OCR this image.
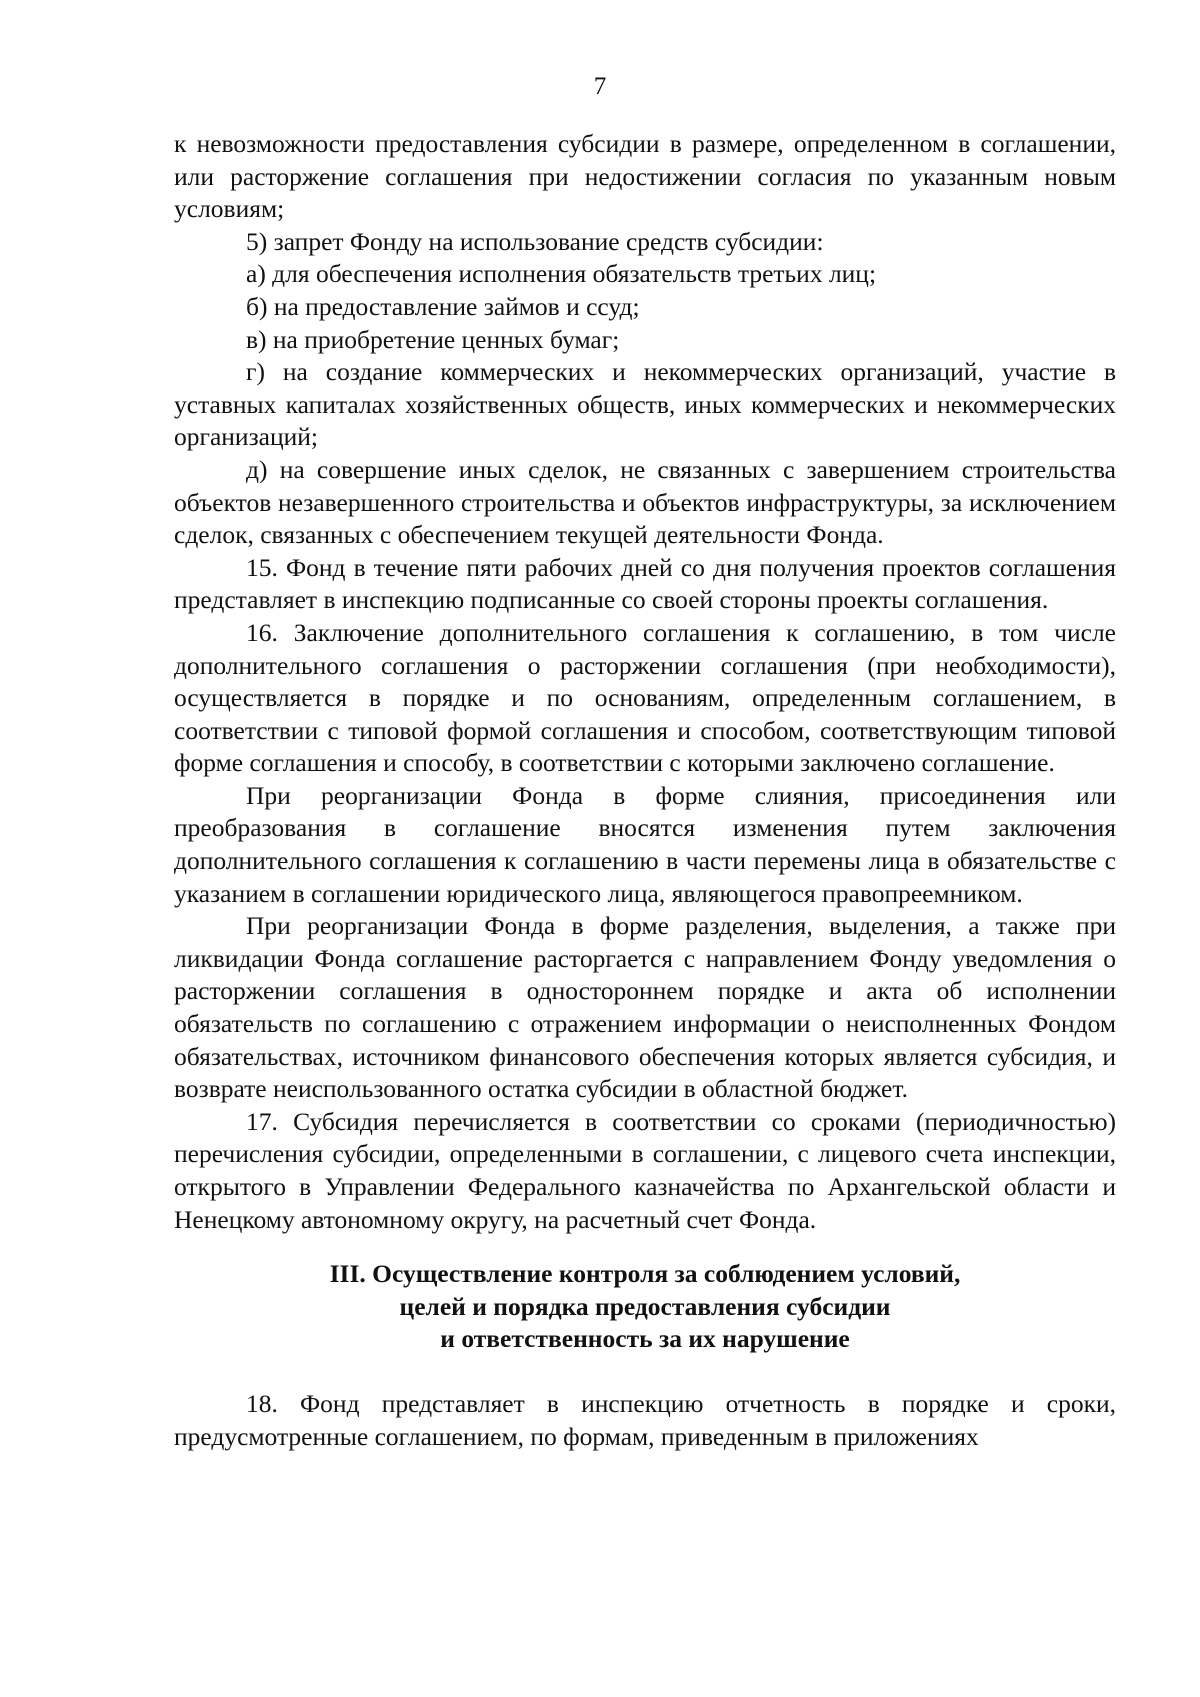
7

к невозможности предоставления субсидии в размере, определенном в соглашении, или расторжение соглашения при недостижении согласия по указанным новым условиям;

5) запрет Фонду на использование средств субсидии:

а) для обеспечения исполнения обязательств третьих лиц;

б) на предоставление займов и ссуд;

в) на приобретение ценных бумаг;

г) на создание коммерческих и некоммерческих организаций, участие в уставных капиталах хозяйственных обществ, иных коммерческих и некоммерческих организаций;

д) на совершение иных сделок, не связанных с завершением строительства объектов незавершенного строительства и объектов инфраструктуры, за исключением сделок, связанных с обеспечением текущей деятельности Фонда.

15. Фонд в течение пяти рабочих дней со дня получения проектов соглашения представляет в инспекцию подписанные со своей стороны проекты соглашения.

16. Заключение дополнительного соглашения к соглашению, в том числе дополнительного соглашения о расторжении соглашения (при необходимости), осуществляется в порядке и по основаниям, определенным соглашением, в соответствии с типовой формой соглашения и способом, соответствующим типовой форме соглашения и способу, в соответствии с которыми заключено соглашение.

При реорганизации Фонда в форме слияния, присоединения или преобразования в соглашение вносятся изменения путем заключения дополнительного соглашения к соглашению в части перемены лица в обязательстве с указанием в соглашении юридического лица, являющегося правопреемником.

При реорганизации Фонда в форме разделения, выделения, а также при ликвидации Фонда соглашение расторгается с направлением Фонду уведомления о расторжении соглашения в одностороннем порядке и акта об исполнении обязательств по соглашению с отражением информации о неисполненных Фондом обязательствах, источником финансового обеспечения которых является субсидия, и возврате неиспользованного остатка субсидии в областной бюджет.

17. Субсидия перечисляется в соответствии со сроками (периодичностью) перечисления субсидии, определенными в соглашении, с лицевого счета инспекции, открытого в Управлении Федерального казначейства по Архангельской области и Ненецкому автономному округу, на расчетный счет Фонда.

III. Осуществление контроля за соблюдением условий,
целей и порядка предоставления субсидии
и ответственность за их нарушение

18. Фонд представляет в инспекцию отчетность в порядке и сроки, предусмотренные соглашением, по формам, приведенным в приложениях
